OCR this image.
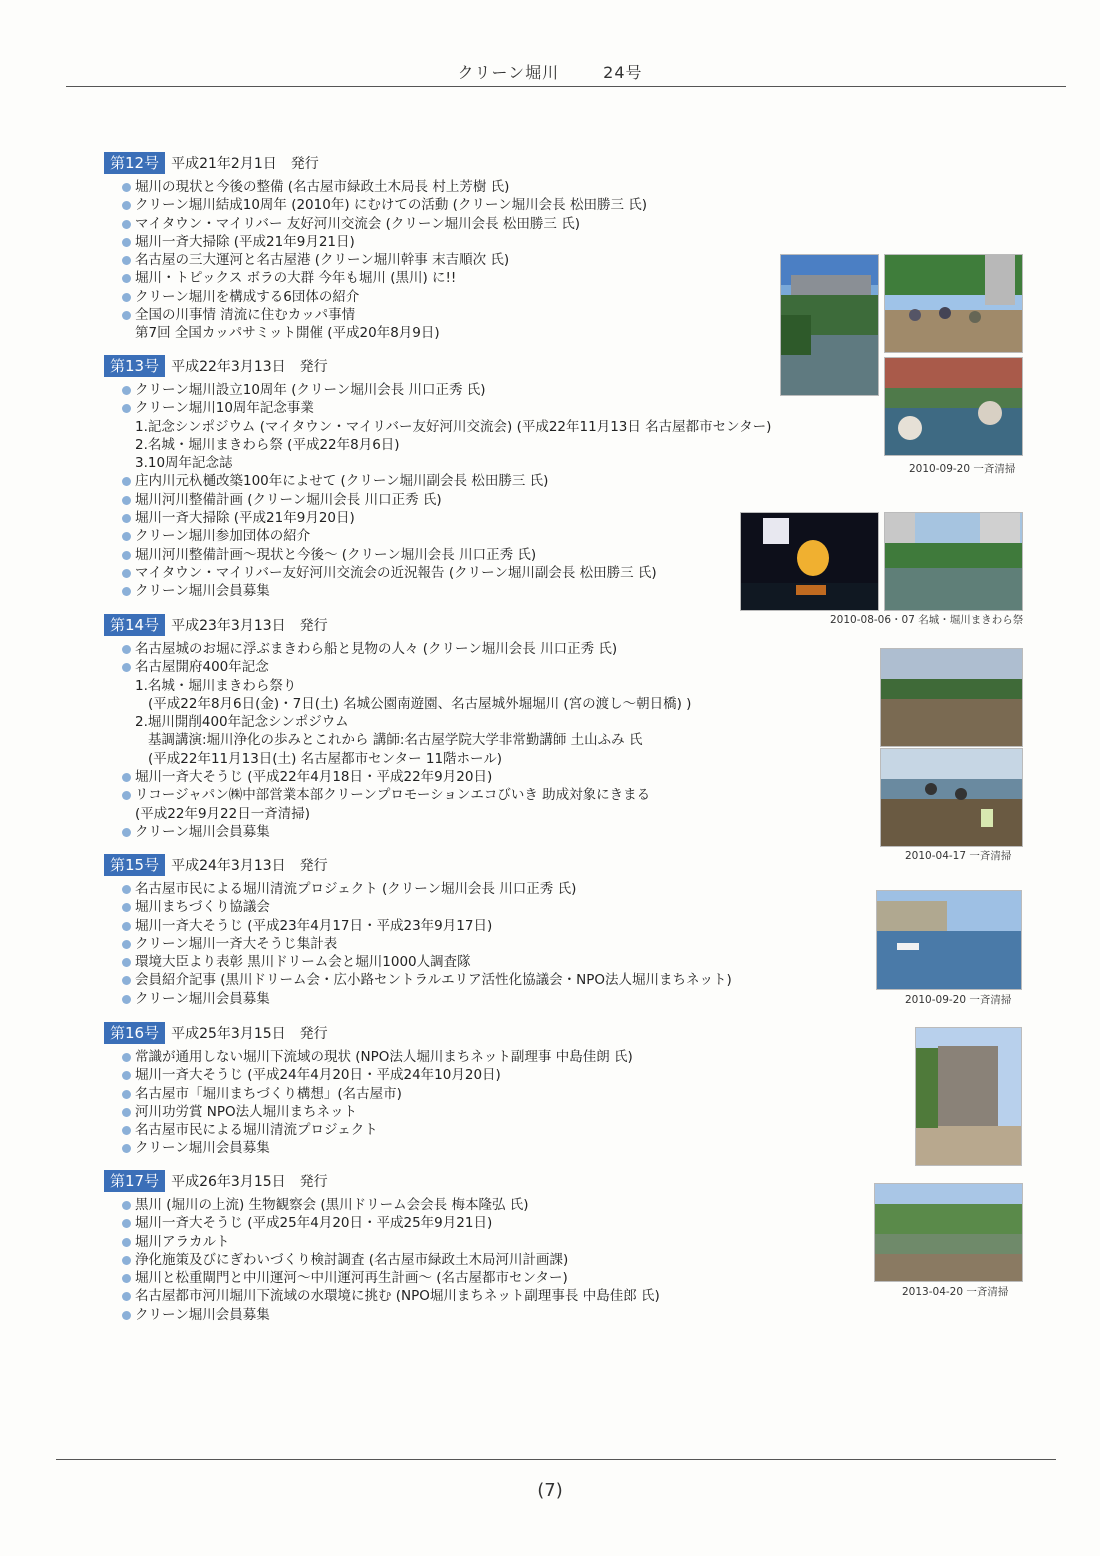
クリーン堀川	24号
第12号 平成21年2月1日　発行
堀川の現状と今後の整備 (名古屋市緑政土木局長 村上芳樹 氏)
クリーン堀川結成10周年 (2010年) にむけての活動 (クリーン堀川会長 松田勝三 氏)
マイタウン・マイリバー 友好河川交流会 (クリーン堀川会長 松田勝三 氏)
堀川一斉大掃除 (平成21年9月21日)
名古屋の三大運河と名古屋港 (クリーン堀川幹事 末吉順次 氏)
堀川・トピックス ボラの大群 今年も堀川 (黒川) に!!
クリーン堀川を構成する6団体の紹介
全国の川事情 清流に住むカッパ事情
第7回 全国カッパサミット開催 (平成20年8月9日)
第13号 平成22年3月13日　発行
クリーン堀川設立10周年 (クリーン堀川会長 川口正秀 氏)
クリーン堀川10周年記念事業
1.記念シンポジウム (マイタウン・マイリバー友好河川交流会) (平成22年11月13日 名古屋都市センター)
2.名城・堀川まきわら祭 (平成22年8月6日)
3.10周年記念誌
庄内川元杁樋改築100年によせて (クリーン堀川副会長 松田勝三 氏)
堀川河川整備計画 (クリーン堀川会長 川口正秀 氏)
堀川一斉大掃除 (平成21年9月20日)
クリーン堀川参加団体の紹介
堀川河川整備計画～現状と今後～ (クリーン堀川会長 川口正秀 氏)
マイタウン・マイリバー友好河川交流会の近況報告 (クリーン堀川副会長 松田勝三 氏)
クリーン堀川会員募集
第14号 平成23年3月13日　発行
名古屋城のお堀に浮ぶまきわら船と見物の人々 (クリーン堀川会長 川口正秀 氏)
名古屋開府400年記念
1.名城・堀川まきわら祭り
(平成22年8月6日(金)・7日(土) 名城公園南遊園、名古屋城外堀堀川 (宮の渡し～朝日橋) )
2.堀川開削400年記念シンポジウム
基調講演:堀川浄化の歩みとこれから 講師:名古屋学院大学非常勤講師 土山ふみ 氏
(平成22年11月13日(土) 名古屋都市センター 11階ホール)
堀川一斉大そうじ (平成22年4月18日・平成22年9月20日)
リコージャパン㈱中部営業本部クリーンプロモーションエコびいき 助成対象にきまる
(平成22年9月22日一斉清掃)
クリーン堀川会員募集
第15号 平成24年3月13日　発行
名古屋市民による堀川清流プロジェクト (クリーン堀川会長 川口正秀 氏)
堀川まちづくり協議会
堀川一斉大そうじ (平成23年4月17日・平成23年9月17日)
クリーン堀川一斉大そうじ集計表
環境大臣より表彰 黒川ドリーム会と堀川1000人調査隊
会員紹介記事 (黒川ドリーム会・広小路セントラルエリア活性化協議会・NPO法人堀川まちネット)
クリーン堀川会員募集
第16号 平成25年3月15日　発行
常識が通用しない堀川下流域の現状 (NPO法人堀川まちネット副理事 中島佳朗 氏)
堀川一斉大そうじ (平成24年4月20日・平成24年10月20日)
名古屋市「堀川まちづくり構想」(名古屋市)
河川功労賞 NPO法人堀川まちネット
名古屋市民による堀川清流プロジェクト
クリーン堀川会員募集
第17号 平成26年3月15日　発行
黒川 (堀川の上流) 生物観察会 (黒川ドリーム会会長 梅本隆弘 氏)
堀川一斉大そうじ (平成25年4月20日・平成25年9月21日)
堀川アラカルト
浄化施策及びにぎわいづくり検討調査 (名古屋市緑政土木局河川計画課)
堀川と松重閘門と中川運河～中川運河再生計画～ (名古屋都市センター)
名古屋都市河川堀川下流域の水環境に挑む (NPO堀川まちネット副理事長 中島佳郎 氏)
クリーン堀川会員募集
2010-09-20 一斉清掃
2010-08-06・07 名城・堀川まきわら祭
2010-04-17 一斉清掃
2010-09-20 一斉清掃
2013-04-20 一斉清掃
(7)
